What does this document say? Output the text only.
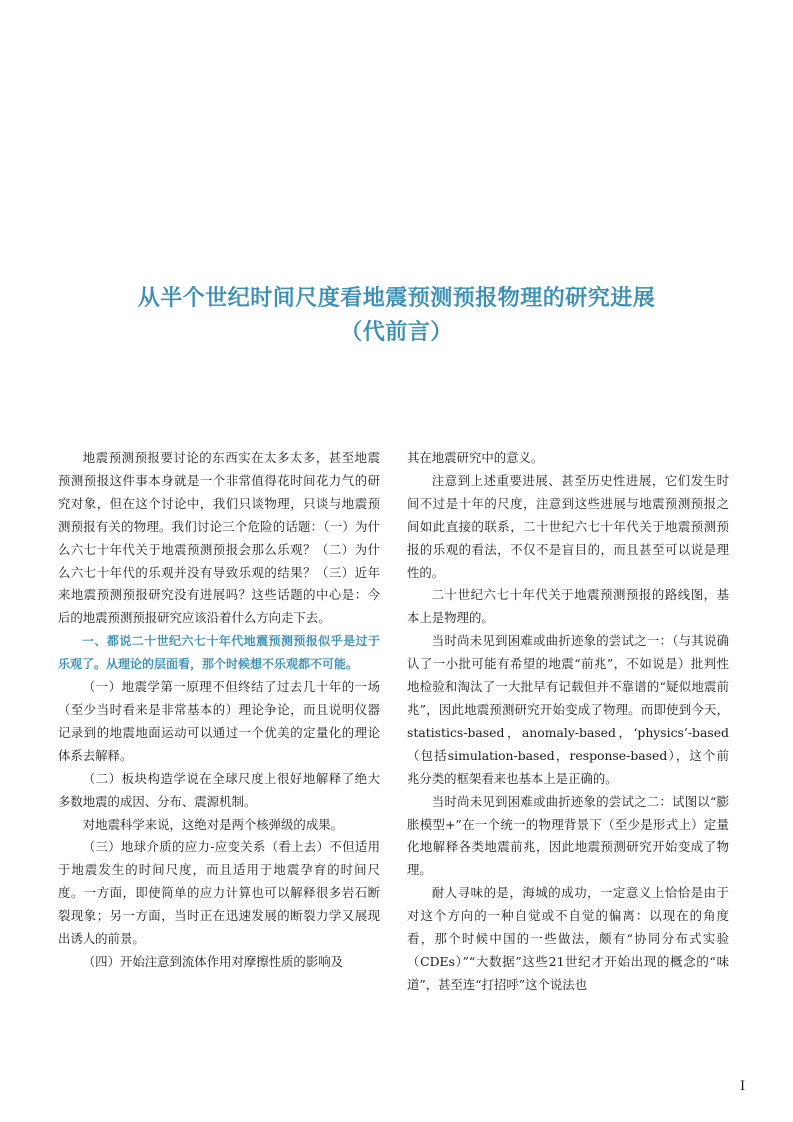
从半个世纪时间尺度看地震预测预报物理的研究进展
（代前言）

地震预测预报要讨论的东西实在太多太多，甚至地震预测预报这件事本身就是一个非常值得花时间花力气的研究对象，但在这个讨论中，我们只谈物理，只谈与地震预测预报有关的物理。我们讨论三个危险的话题：（一）为什么六七十年代关于地震预测预报会那么乐观？（二）为什么六七十年代的乐观并没有导致乐观的结果？（三）近年来地震预测预报研究没有进展吗？这些话题的中心是：今后的地震预测预报研究应该沿着什么方向走下去。

一、都说二十世纪六七十年代地震预测预报似乎是过于乐观了。从理论的层面看，那个时候想不乐观都不可能。

（一）地震学第一原理不但终结了过去几十年的一场（至少当时看来是非常基本的）理论争论，而且说明仪器记录到的地震地面运动可以通过一个优美的定量化的理论体系去解释。

（二）板块构造学说在全球尺度上很好地解释了绝大多数地震的成因、分布、震源机制。

对地震科学来说，这绝对是两个核弹级的成果。

（三）地球介质的应力-应变关系（看上去）不但适用于地震发生的时间尺度，而且适用于地震孕育的时间尺度。一方面，即使简单的应力计算也可以解释很多岩石断裂现象；另一方面，当时正在迅速发展的断裂力学又展现出诱人的前景。

（四）开始注意到流体作用对摩擦性质的影响及

其在地震研究中的意义。

注意到上述重要进展、甚至历史性进展，它们发生时间不过是十年的尺度，注意到这些进展与地震预测预报之间如此直接的联系，二十世纪六七十年代关于地震预测预报的乐观的看法，不仅不是盲目的，而且甚至可以说是理性的。

二十世纪六七十年代关于地震预测预报的路线图，基本上是物理的。

当时尚未见到困难或曲折迹象的尝试之一：（与其说确认了一小批可能有希望的地震“前兆”，不如说是）批判性地检验和淘汰了一大批早有记载但并不靠谱的“疑似地震前兆”，因此地震预测研究开始变成了物理。而即使到今天，statistics-based，anomaly-based，‘physics’-based（包括simulation-based，response-based），这个前兆分类的框架看来也基本上是正确的。

当时尚未见到困难或曲折迹象的尝试之二：试图以“膨胀模型+”在一个统一的物理背景下（至少是形式上）定量化地解释各类地震前兆，因此地震预测研究开始变成了物理。

耐人寻味的是，海城的成功，一定意义上恰恰是由于对这个方向的一种自觉或不自觉的偏离：以现在的角度看，那个时候中国的一些做法，颇有“协同分布式实验（CDEs）”“大数据”这些21世纪才开始出现的概念的“味道”，甚至连“打招呼”这个说法也

I
